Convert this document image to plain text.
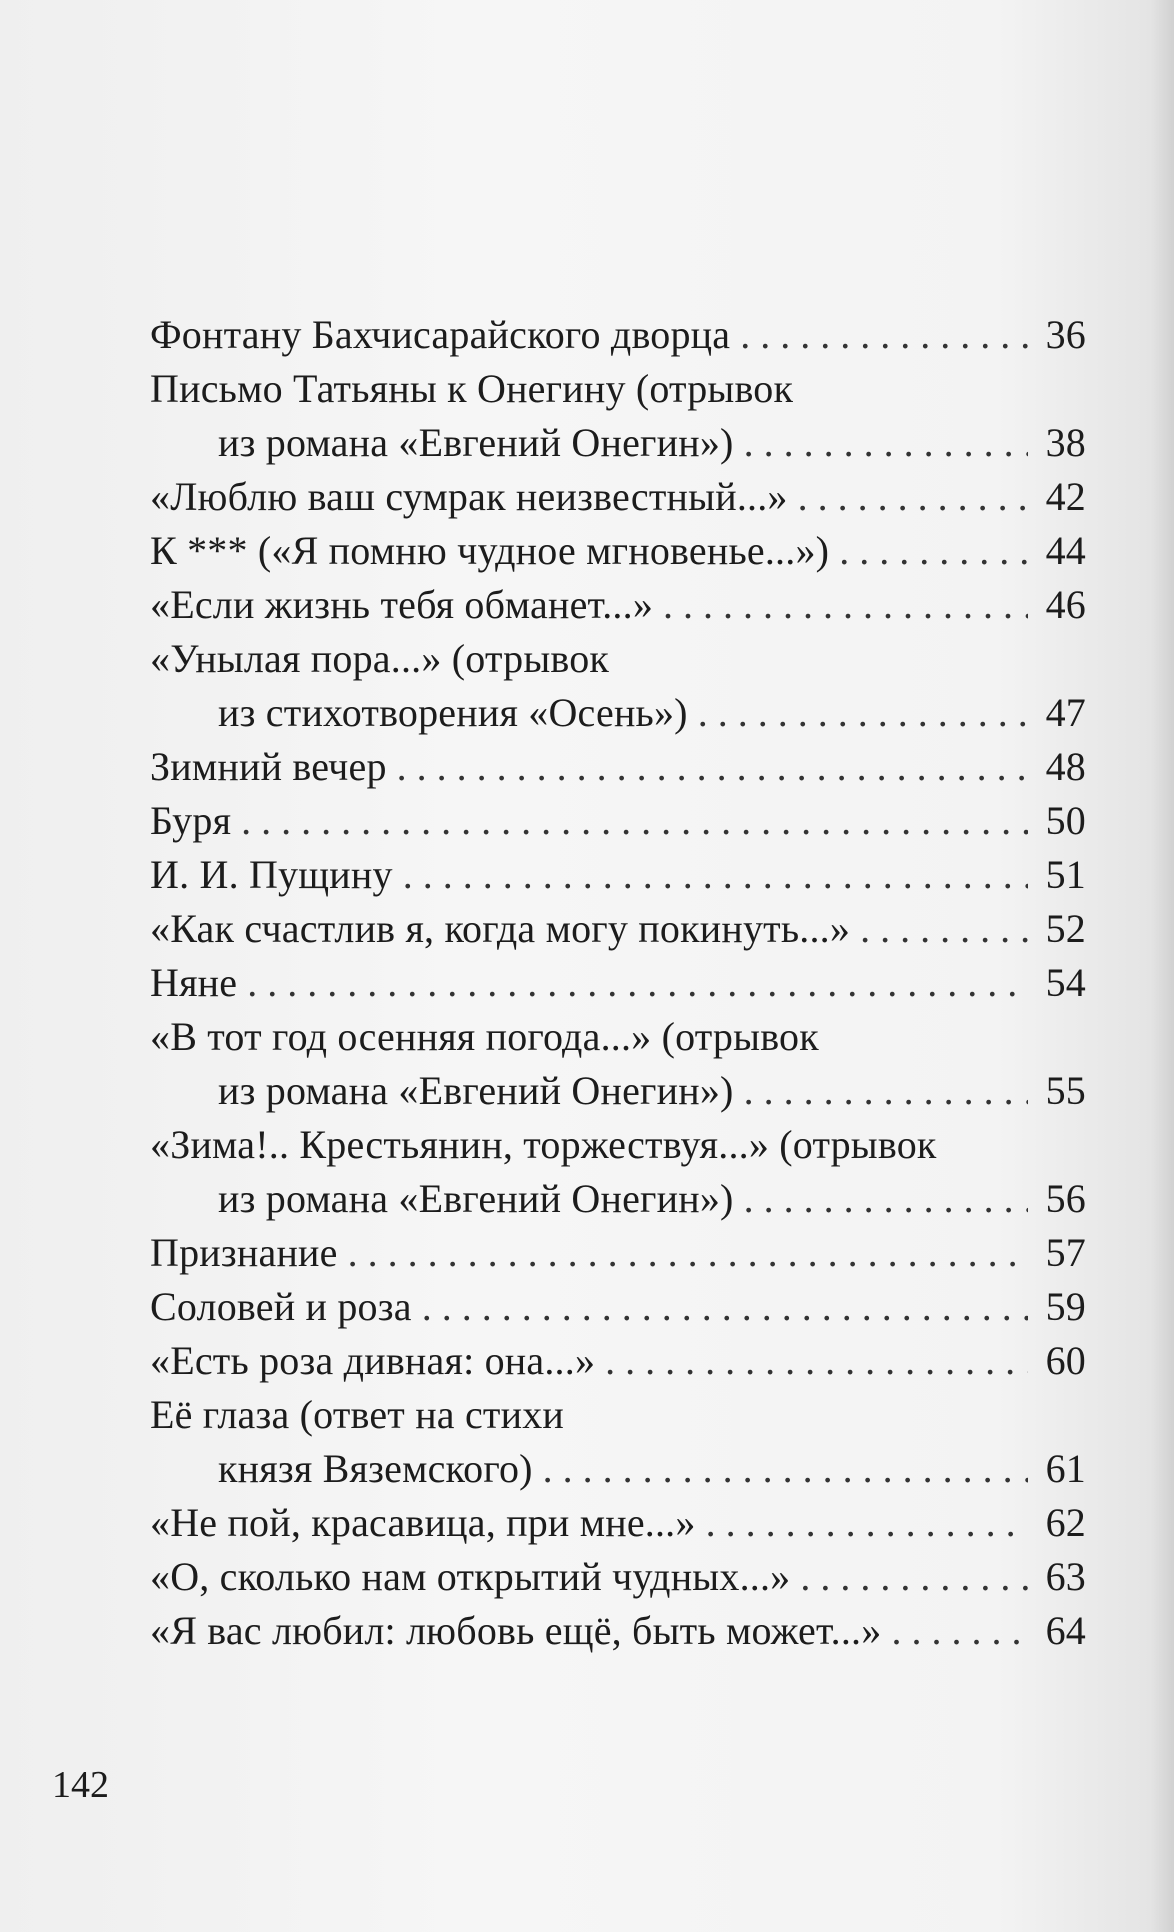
Фонтану Бахчисарайского дворца . . .	36
Письмо Татьяны к Онегину (отрывок
из романа «Евгений Онегин») . . .	38
«Люблю ваш сумрак неизвестный...» . . .	42
К *** («Я помню чудное мгновенье...») . . .	44
«Если жизнь тебя обманет...» . . .	46
«Унылая пора...» (отрывок
из стихотворения «Осень») . . .	47
Зимний вечер . . .	48
Буря . . .	50
И. И. Пущину . . .	51
«Как счастлив я, когда могу покинуть...» . . .	52
Няне . . .	54
«В тот год осенняя погода...» (отрывок
из романа «Евгений Онегин») . . .	55
«Зима!.. Крестьянин, торжествуя...» (отрывок
из романа «Евгений Онегин») . . .	56
Признание . . .	57
Соловей и роза . . .	59
«Есть роза дивная: она...» . . .	60
Её глаза (ответ на стихи
князя Вяземского) . . .	61
«Не пой, красавица, при мне...» . . .	62
«О, сколько нам открытий чудных...» . . .	63
«Я вас любил: любовь ещё, быть может...» . . .	64
142
